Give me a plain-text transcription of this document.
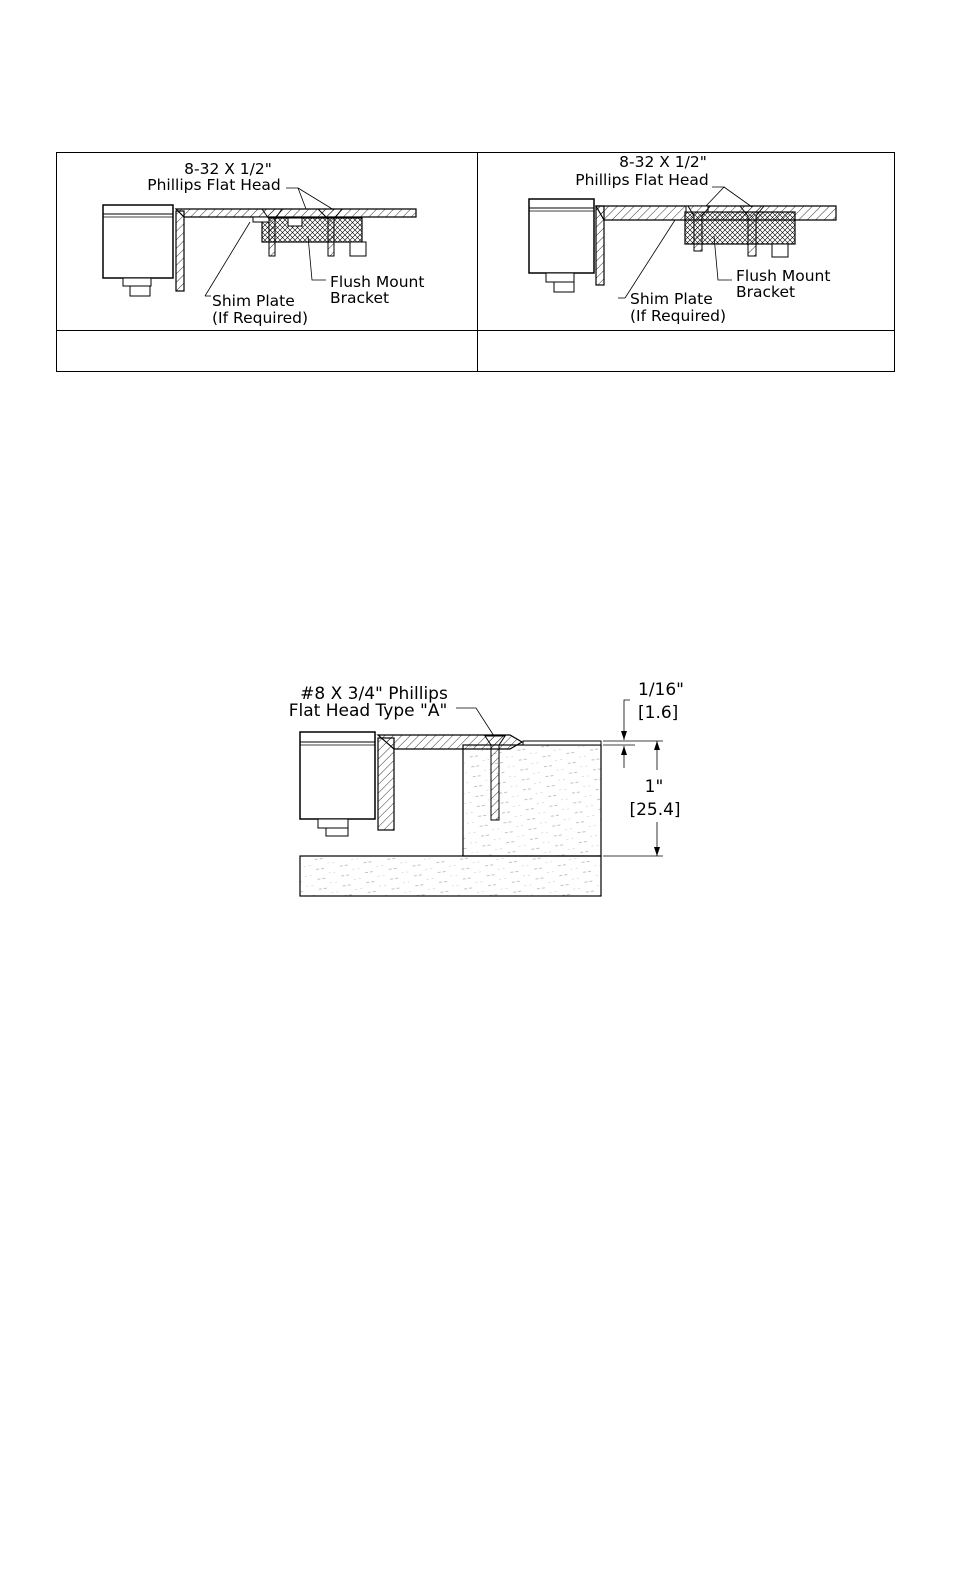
8-32 X 1/2"
Phillips Flat Head
Shim Plate
(If Required)
Flush Mount
Bracket
8-32 X 1/2"
Phillips Flat Head
Shim Plate
(If Required)
Flush Mount
Bracket
#8 X 3/4" Phillips
Flat Head Type "A"
1/16"
[1.6]
1"
[25.4]
